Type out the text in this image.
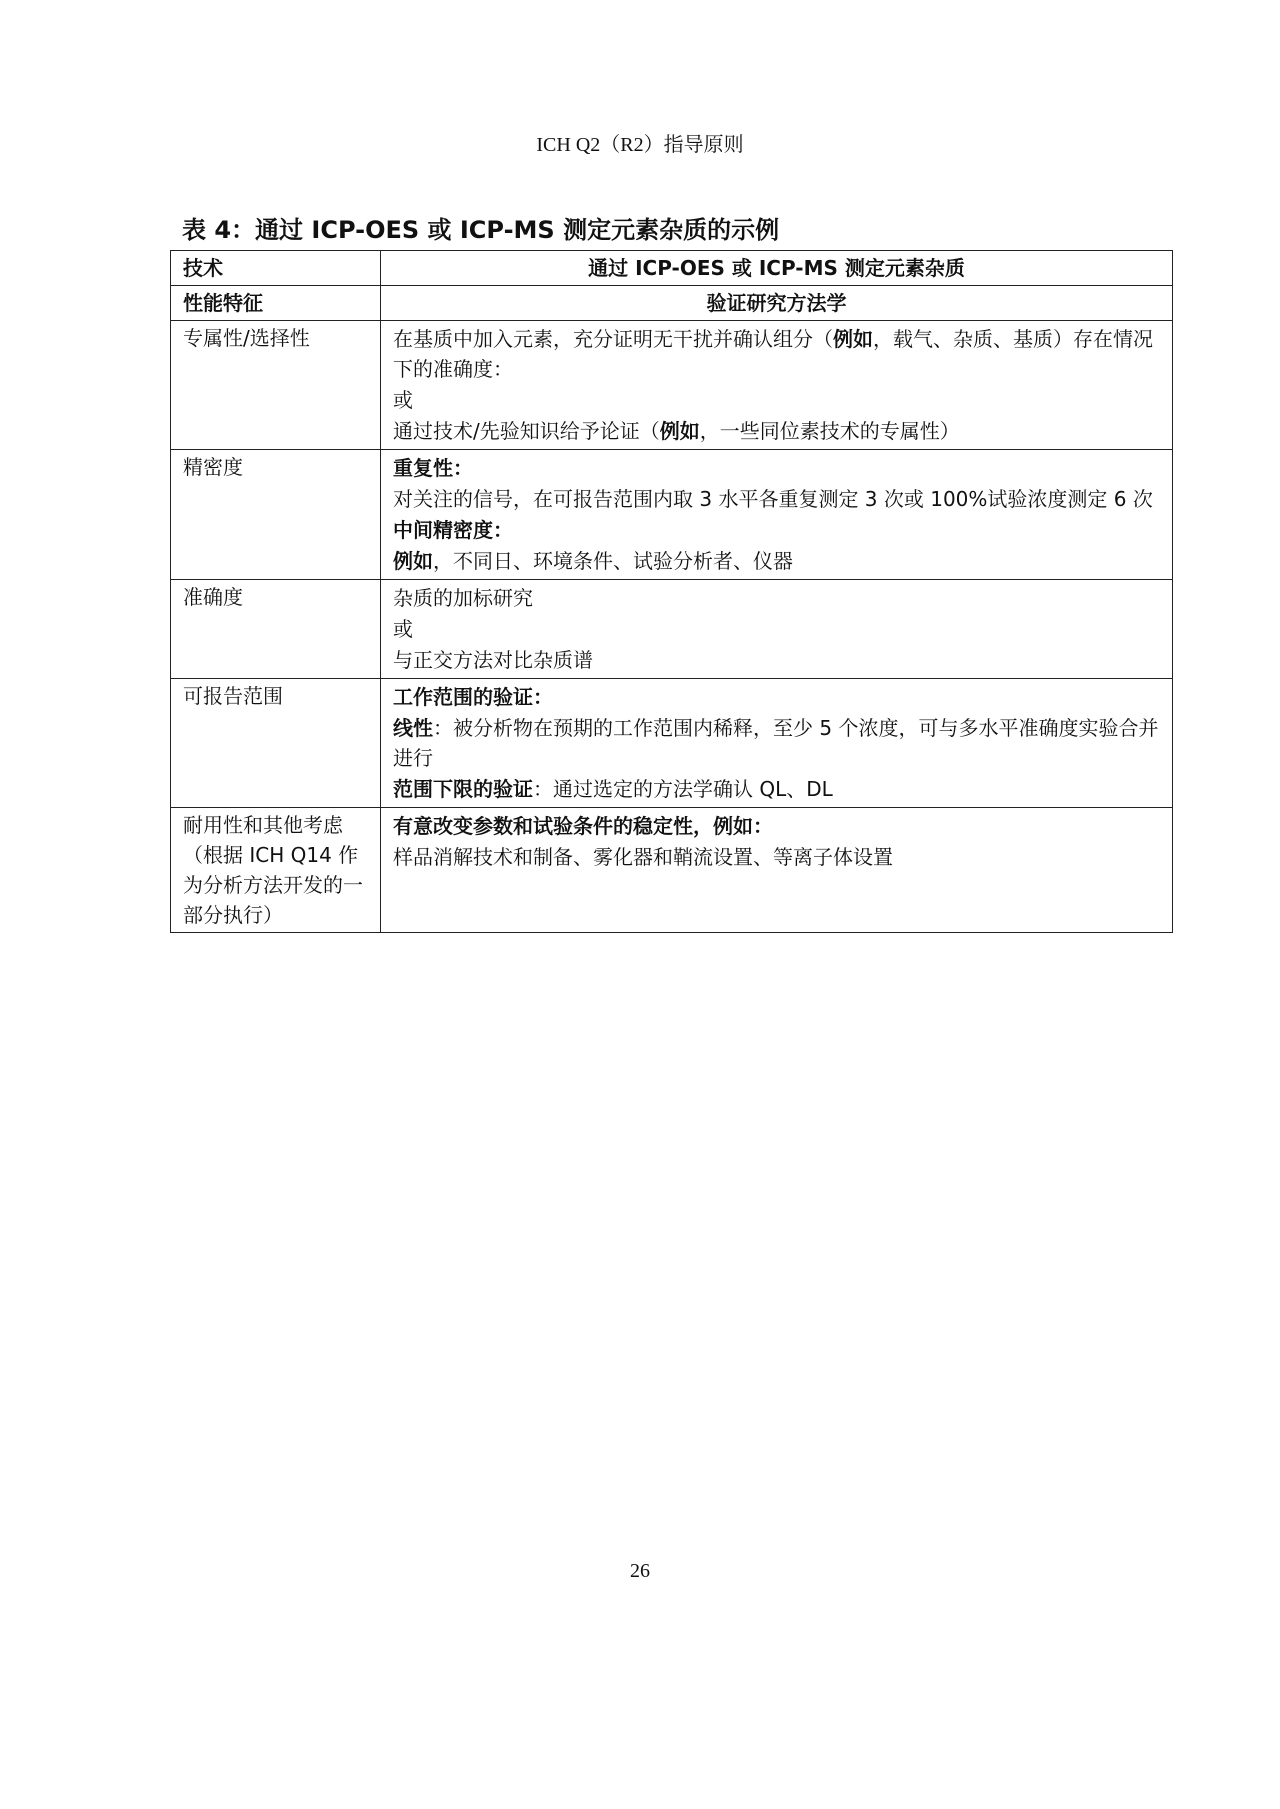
ICH Q2（R2）指导原则
表 4：通过 ICP-OES 或 ICP-MS 测定元素杂质的示例
技术	通过 ICP-OES 或 ICP-MS 测定元素杂质
性能特征	验证研究方法学
专属性/选择性	在基质中加入元素，充分证明无干扰并确认组分（例如，载气、杂质、基质）存在情况下的准确度：
或
通过技术/先验知识给予论证（例如，一些同位素技术的专属性）

精密度	重复性：
对关注的信号，在可报告范围内取 3 水平各重复测定 3 次或 100%试验浓度测定 6 次
中间精密度：
例如，不同日、环境条件、试验分析者、仪器

准确度	杂质的加标研究
或
与正交方法对比杂质谱

可报告范围	工作范围的验证：
线性：被分析物在预期的工作范围内稀释，至少 5 个浓度，可与多水平准确度实验合并进行
范围下限的验证：通过选定的方法学确认 QL、DL

耐用性和其他考虑（根据 ICH Q14 作为分析方法开发的一部分执行）	有意改变参数和试验条件的稳定性，例如：
样品消解技术和制备、雾化器和鞘流设置、等离子体设置
26
